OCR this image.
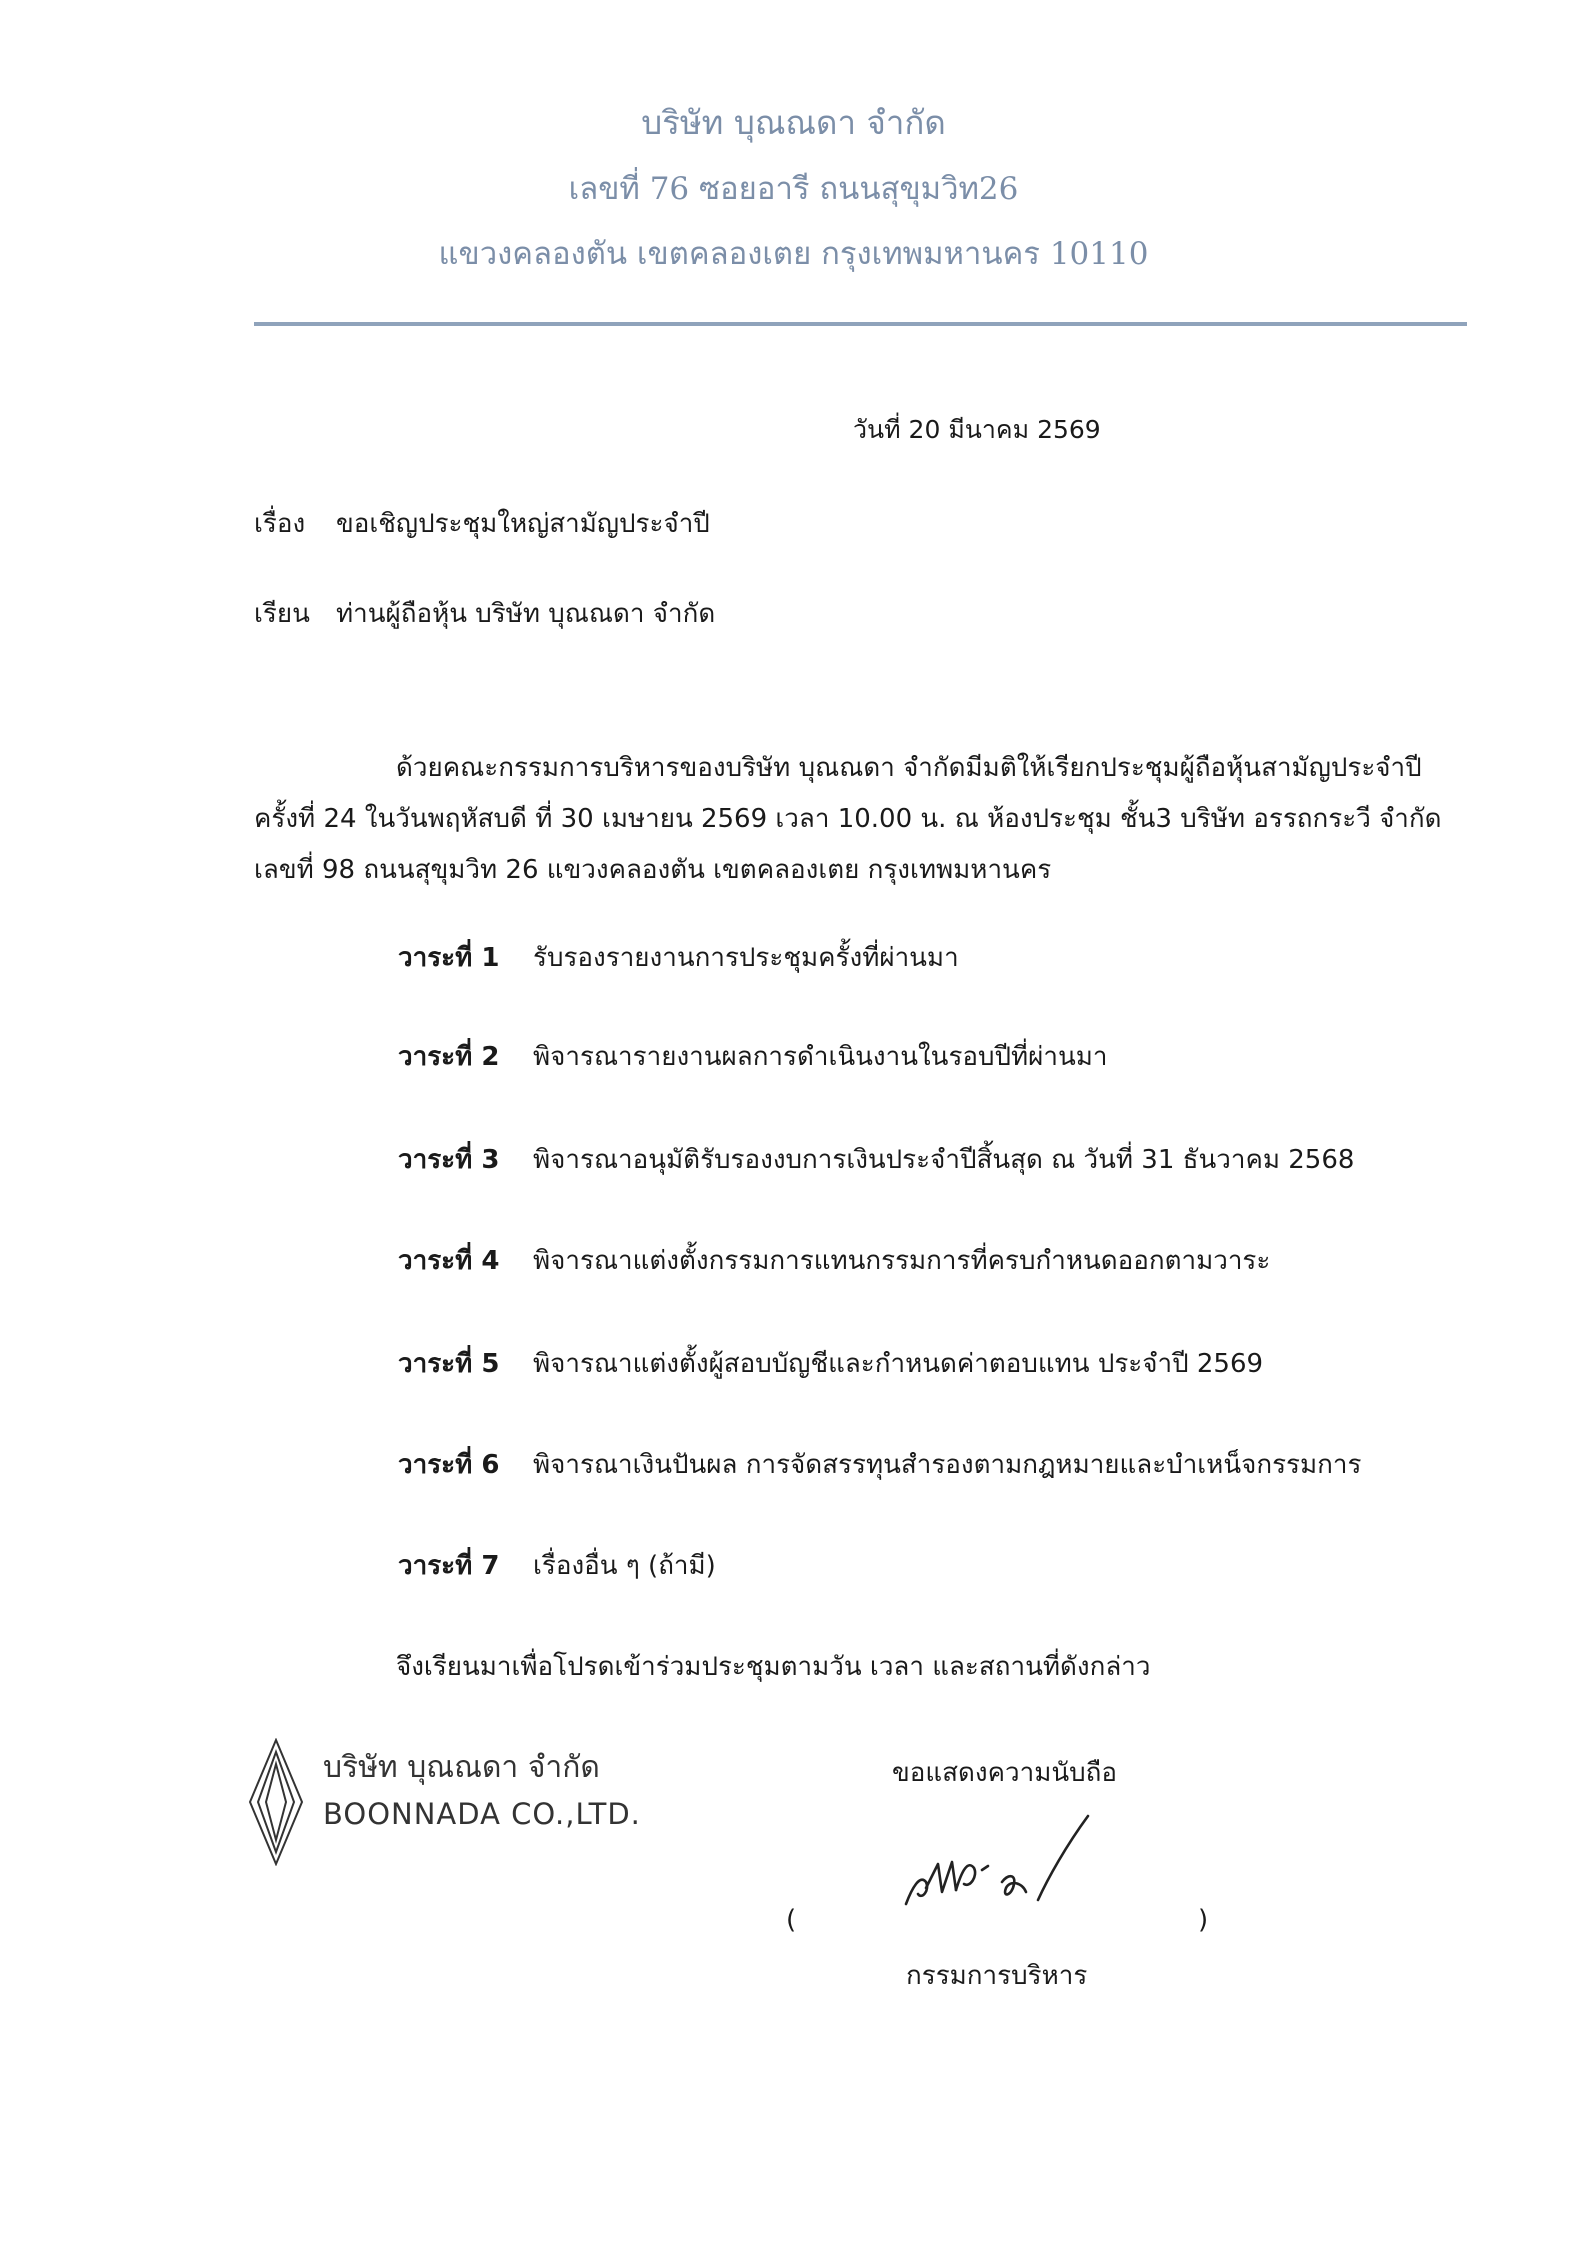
บริษัท บุณณดา จำกัด
เลขที่ 76 ซอยอารี ถนนสุขุมวิท26
แขวงคลองตัน เขตคลองเตย กรุงเทพมหานคร 10110
วันที่ 20 มีนาคม 2569
เรื่อง ขอเชิญประชุมใหญ่สามัญประจำปี
เรียน ท่านผู้ถือหุ้น บริษัท บุณณดา จำกัด
ด้วยคณะกรรมการบริหารของบริษัท บุณณดา จำกัดมีมติให้เรียกประชุมผู้ถือหุ้นสามัญประจำปี
ครั้งที่ 24 ในวันพฤหัสบดี ที่ 30 เมษายน 2569 เวลา 10.00 น. ณ ห้องประชุม ชั้น3 บริษัท อรรถกระวี จำกัด
เลขที่ 98 ถนนสุขุมวิท 26 แขวงคลองตัน เขตคลองเตย กรุงเทพมหานคร
วาระที่ 1 รับรองรายงานการประชุมครั้งที่ผ่านมา
วาระที่ 2 พิจารณารายงานผลการดำเนินงานในรอบปีที่ผ่านมา
วาระที่ 3 พิจารณาอนุมัติรับรองงบการเงินประจำปีสิ้นสุด ณ วันที่ 31 ธันวาคม 2568
วาระที่ 4 พิจารณาแต่งตั้งกรรมการแทนกรรมการที่ครบกำหนดออกตามวาระ
วาระที่ 5 พิจารณาแต่งตั้งผู้สอบบัญชีและกำหนดค่าตอบแทน ประจำปี 2569
วาระที่ 6 พิจารณาเงินปันผล การจัดสรรทุนสำรองตามกฎหมายและบำเหน็จกรรมการ
วาระที่ 7 เรื่องอื่น ๆ (ถ้ามี)
จึงเรียนมาเพื่อโปรดเข้าร่วมประชุมตามวัน เวลา และสถานที่ดังกล่าว
บริษัท บุณณดา จำกัด
BOONNADA CO.,LTD.
ขอแสดงความนับถือ
(	)
กรรมการบริหาร
